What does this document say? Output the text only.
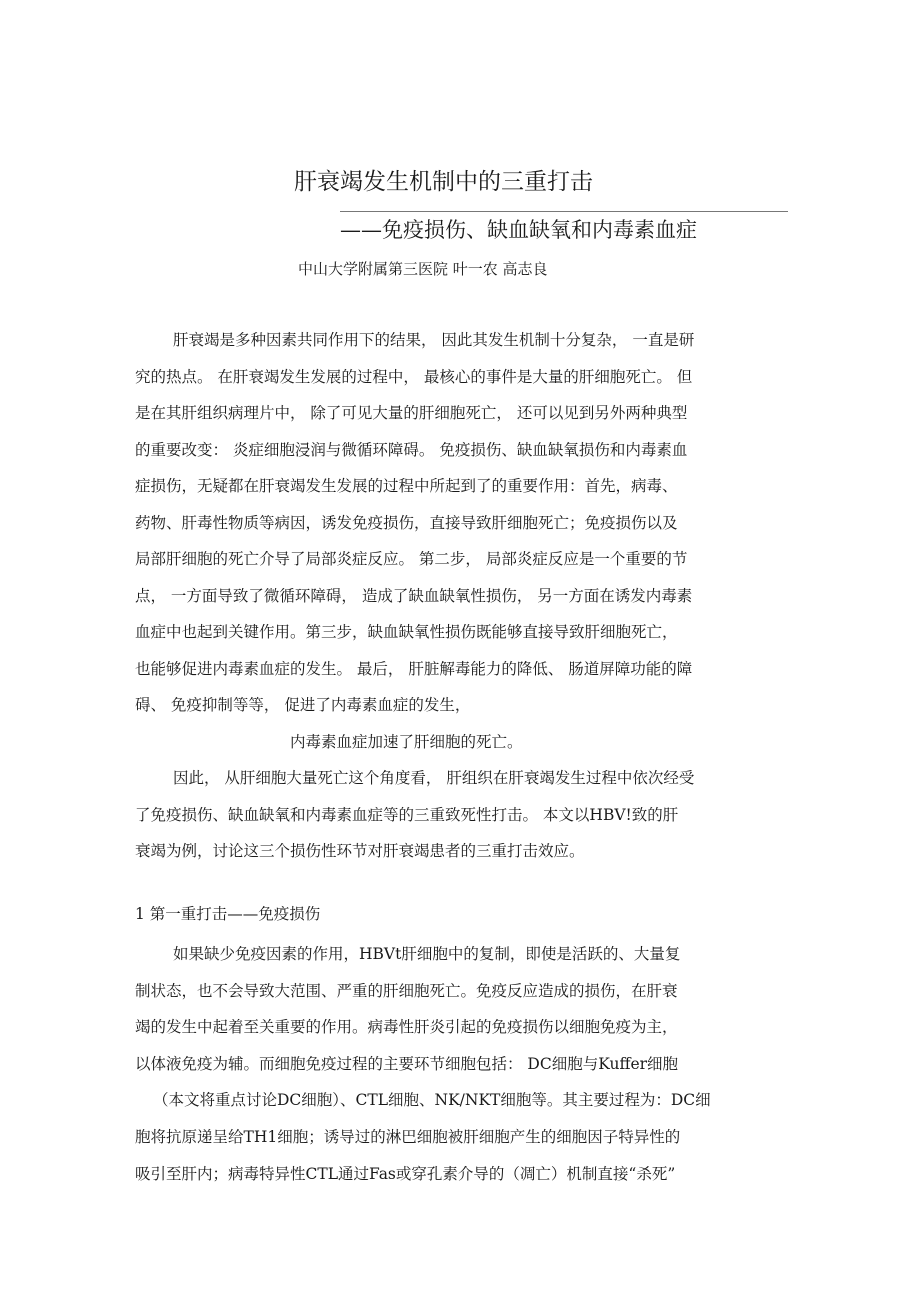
肝衰竭发生机制中的三重打击
——免疫损伤、缺血缺氧和内毒素血症
中山大学附属第三医院 叶一农 高志良
肝衰竭是多种因素共同作用下的结果， 因此其发生机制十分复杂， 一直是研
究的热点。 在肝衰竭发生发展的过程中， 最核心的事件是大量的肝细胞死亡。 但
是在其肝组织病理片中， 除了可见大量的肝细胞死亡， 还可以见到另外两种典型
的重要改变： 炎症细胞浸润与微循环障碍。 免疫损伤、缺血缺氧损伤和内毒素血
症损伤，无疑都在肝衰竭发生发展的过程中所起到了的重要作用：首先，病毒、
药物、肝毒性物质等病因，诱发免疫损伤，直接导致肝细胞死亡；免疫损伤以及
局部肝细胞的死亡介导了局部炎症反应。 第二步， 局部炎症反应是一个重要的节
点， 一方面导致了微循环障碍， 造成了缺血缺氧性损伤， 另一方面在诱发内毒素
血症中也起到关键作用。第三步，缺血缺氧性损伤既能够直接导致肝细胞死亡，
也能够促进内毒素血症的发生。 最后， 肝脏解毒能力的降低、 肠道屏障功能的障
碍、 免疫抑制等等， 促进了内毒素血症的发生，
内毒素血症加速了肝细胞的死亡。
因此， 从肝细胞大量死亡这个角度看， 肝组织在肝衰竭发生过程中依次经受
了免疫损伤、缺血缺氧和内毒素血症等的三重致死性打击。 本文以HBV!致的肝
衰竭为例，讨论这三个损伤性环节对肝衰竭患者的三重打击效应。
1 第一重打击——免疫损伤
如果缺少免疫因素的作用，HBVt肝细胞中的复制，即使是活跃的、大量复
制状态，也不会导致大范围、严重的肝细胞死亡。免疫反应造成的损伤，在肝衰
竭的发生中起着至关重要的作用。病毒性肝炎引起的免疫损伤以细胞免疫为主，
以体液免疫为辅。而细胞免疫过程的主要环节细胞包括： DC细胞与Kuffer细胞
（本文将重点讨论DC细胞）、CTL细胞、NK/NKT细胞等。其主要过程为：DC细
胞将抗原递呈给TH1细胞；诱导过的淋巴细胞被肝细胞产生的细胞因子特异性的
吸引至肝内；病毒特异性CTL通过Fas或穿孔素介导的（凋亡）机制直接“杀死”
